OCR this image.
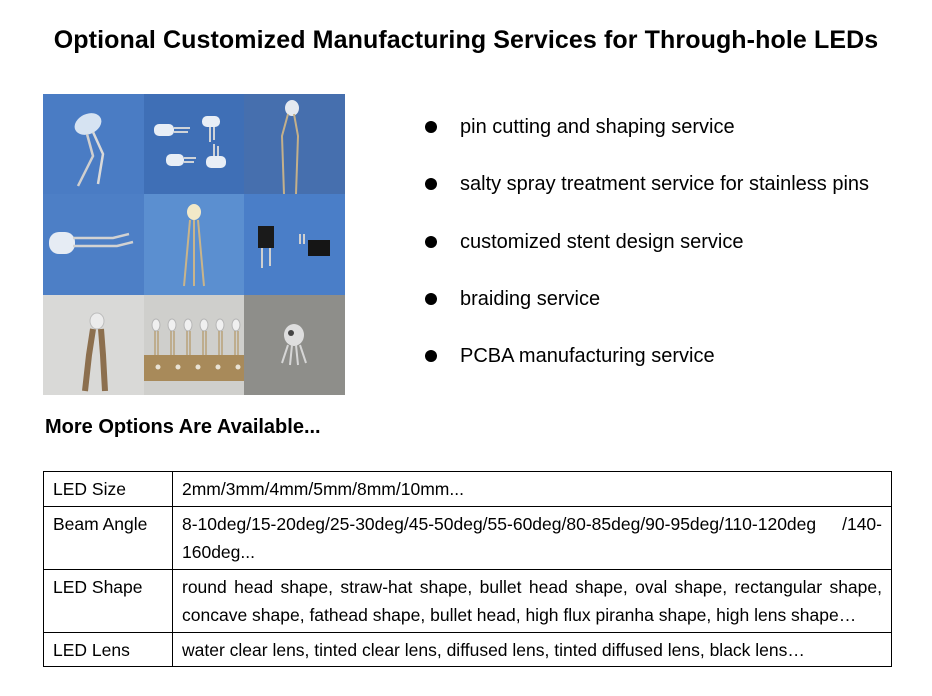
Optional Customized Manufacturing Services for Through-hole LEDs
pin cutting and shaping service
salty spray treatment service for stainless pins
customized stent design service
braiding service
PCBA manufacturing service
More Options Are Available...
LED Size	2mm/3mm/4mm/5mm/8mm/10mm...
Beam Angle	8-10deg/15-20deg/25-30deg/45-50deg/55-60deg/80-85deg/90-95deg/110-120deg /140-160deg...
LED Shape	round head shape, straw-hat shape, bullet head shape, oval shape, rectangular shape, concave shape, fathead shape, bullet head, high flux piranha shape, high lens shape…
LED Lens	water clear lens, tinted clear lens, diffused lens, tinted diffused lens, black lens…
